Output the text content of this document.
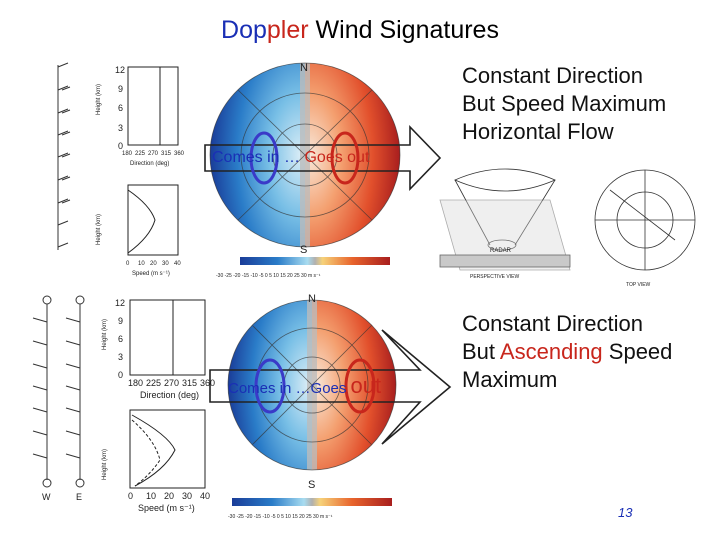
Doppler Wind Signatures
Height (km)
Height (km)
12
9
6
3
0
180 225 270 315 360
Direction (deg)
0 10 20 30 40
Speed (m s⁻¹)
N
S
-30 -25 -20 -15 -10 -5 0 5 10 15 20 25 30 m s⁻¹
Comes in … Goes out
Constant Direction
But Speed Maximum
Horizontal Flow
RADAR
PERSPECTIVE VIEW
TOP VIEW
W	E
Height (km)
Height (km)
12
9
6
3
0
180 225 270 315 360
Direction (deg)
0 10 20 30 40
Speed (m s⁻¹)
N
S
-30 -25 -20 -15 -10 -5 0 5 10 15 20 25 30 m s⁻¹
Comes in …Goes out
Constant Direction
But Ascending Speed
Maximum
13
